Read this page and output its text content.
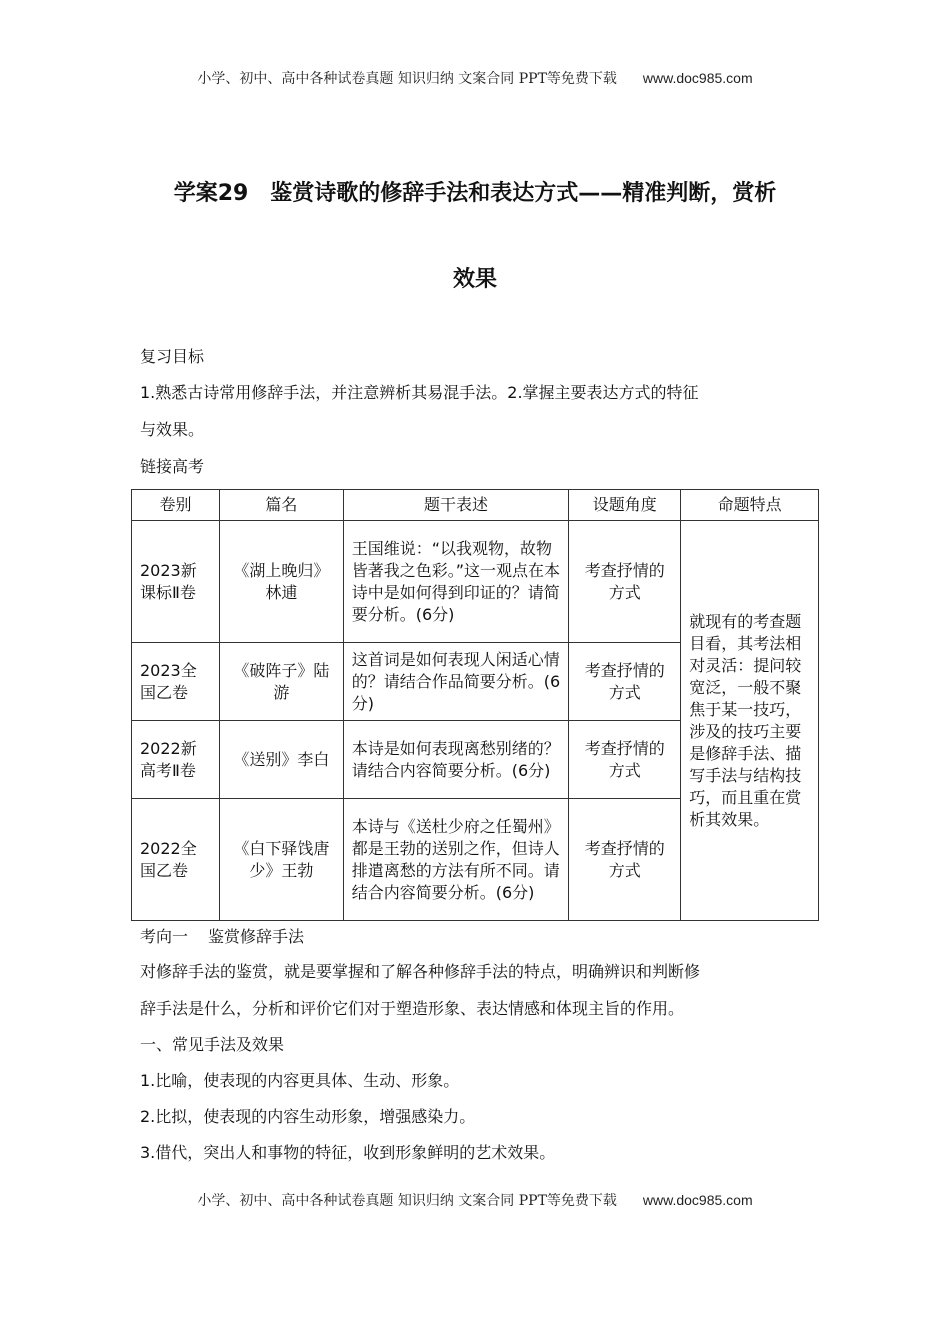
小学、初中、高中各种试卷真题 知识归纳 文案合同 PPT等免费下载 www.doc985.com
学案29　鉴赏诗歌的修辞手法和表达方式——精准判断，赏析
效果
复习目标
1.熟悉古诗常用修辞手法，并注意辨析其易混手法。2.掌握主要表达方式的特征
与效果。
链接高考
卷别	篇名	题干表述	设题角度	命题特点
2023新课标Ⅱ卷	《湖上晚归》林逋	王国维说：“以我观物，故物皆著我之色彩。”这一观点在本诗中是如何得到印证的？请简要分析。(6分)	考查抒情的方式	就现有的考查题目看，其考法相对灵活：提问较宽泛，一般不聚焦于某一技巧，涉及的技巧主要是修辞手法、描写手法与结构技巧，而且重在赏析其效果。
2023全国乙卷	《破阵子》陆游	这首词是如何表现人闲适心情的？请结合作品简要分析。(6分)	考查抒情的方式	
2022新高考Ⅱ卷	《送别》李白	本诗是如何表现离愁别绪的？请结合内容简要分析。(6分)	考查抒情的方式	
2022全国乙卷	《白下驿饯唐少》王勃	本诗与《送杜少府之任蜀州》都是王勃的送别之作，但诗人排遣离愁的方法有所不同。请结合内容简要分析。(6分)	考查抒情的方式	
考向一 鉴赏修辞手法
对修辞手法的鉴赏，就是要掌握和了解各种修辞手法的特点，明确辨识和判断修
辞手法是什么，分析和评价它们对于塑造形象、表达情感和体现主旨的作用。
一、常见手法及效果
1.比喻，使表现的内容更具体、生动、形象。
2.比拟，使表现的内容生动形象，增强感染力。
3.借代，突出人和事物的特征，收到形象鲜明的艺术效果。
小学、初中、高中各种试卷真题 知识归纳 文案合同 PPT等免费下载 www.doc985.com
